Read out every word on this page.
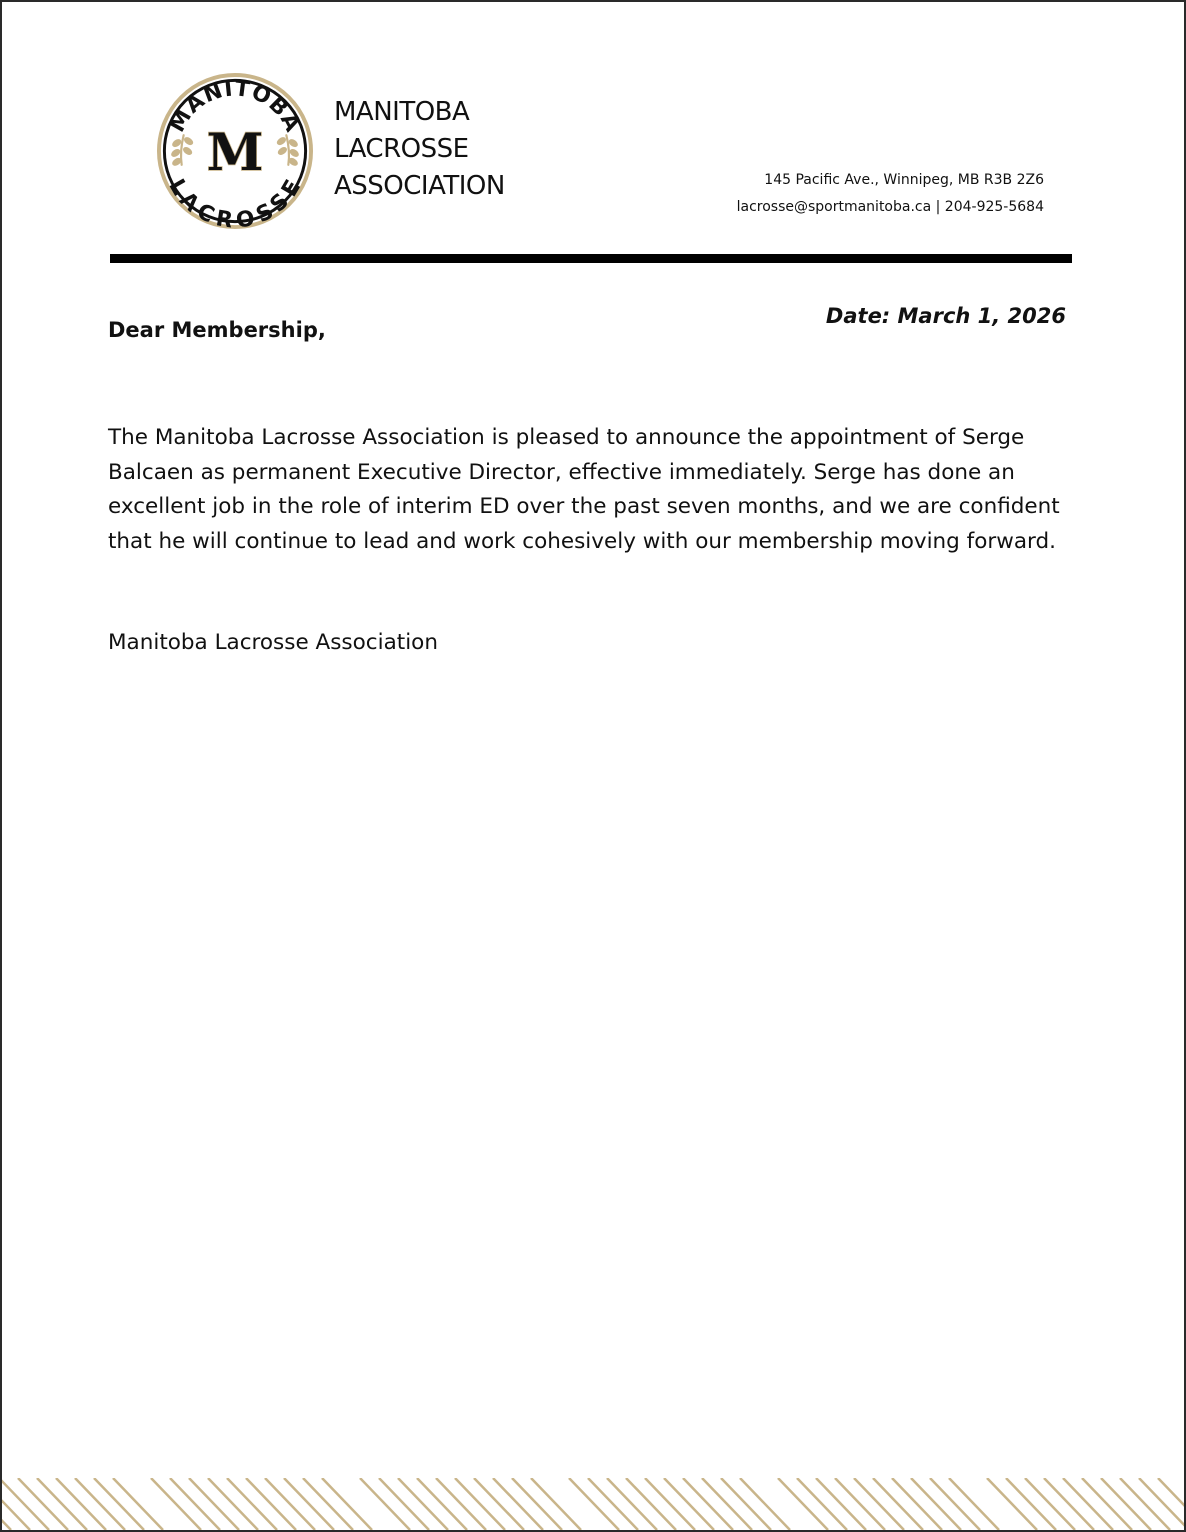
MANITOBA
LACROSSE
M
MANITOBA
LACROSSE
ASSOCIATION	145 Pacific Ave., Winnipeg, MB R3B 2Z6
lacrosse@sportmanitoba.ca | 204-925-5684
Dear Membership,
Date: March 1, 2026
The Manitoba Lacrosse Association is pleased to announce the appointment of Serge Balcaen as permanent Executive Director, effective immediately. Serge has done an excellent job in the role of interim ED over the past seven months, and we are confident that he will continue to lead and work cohesively with our membership moving forward.
Manitoba Lacrosse Association
